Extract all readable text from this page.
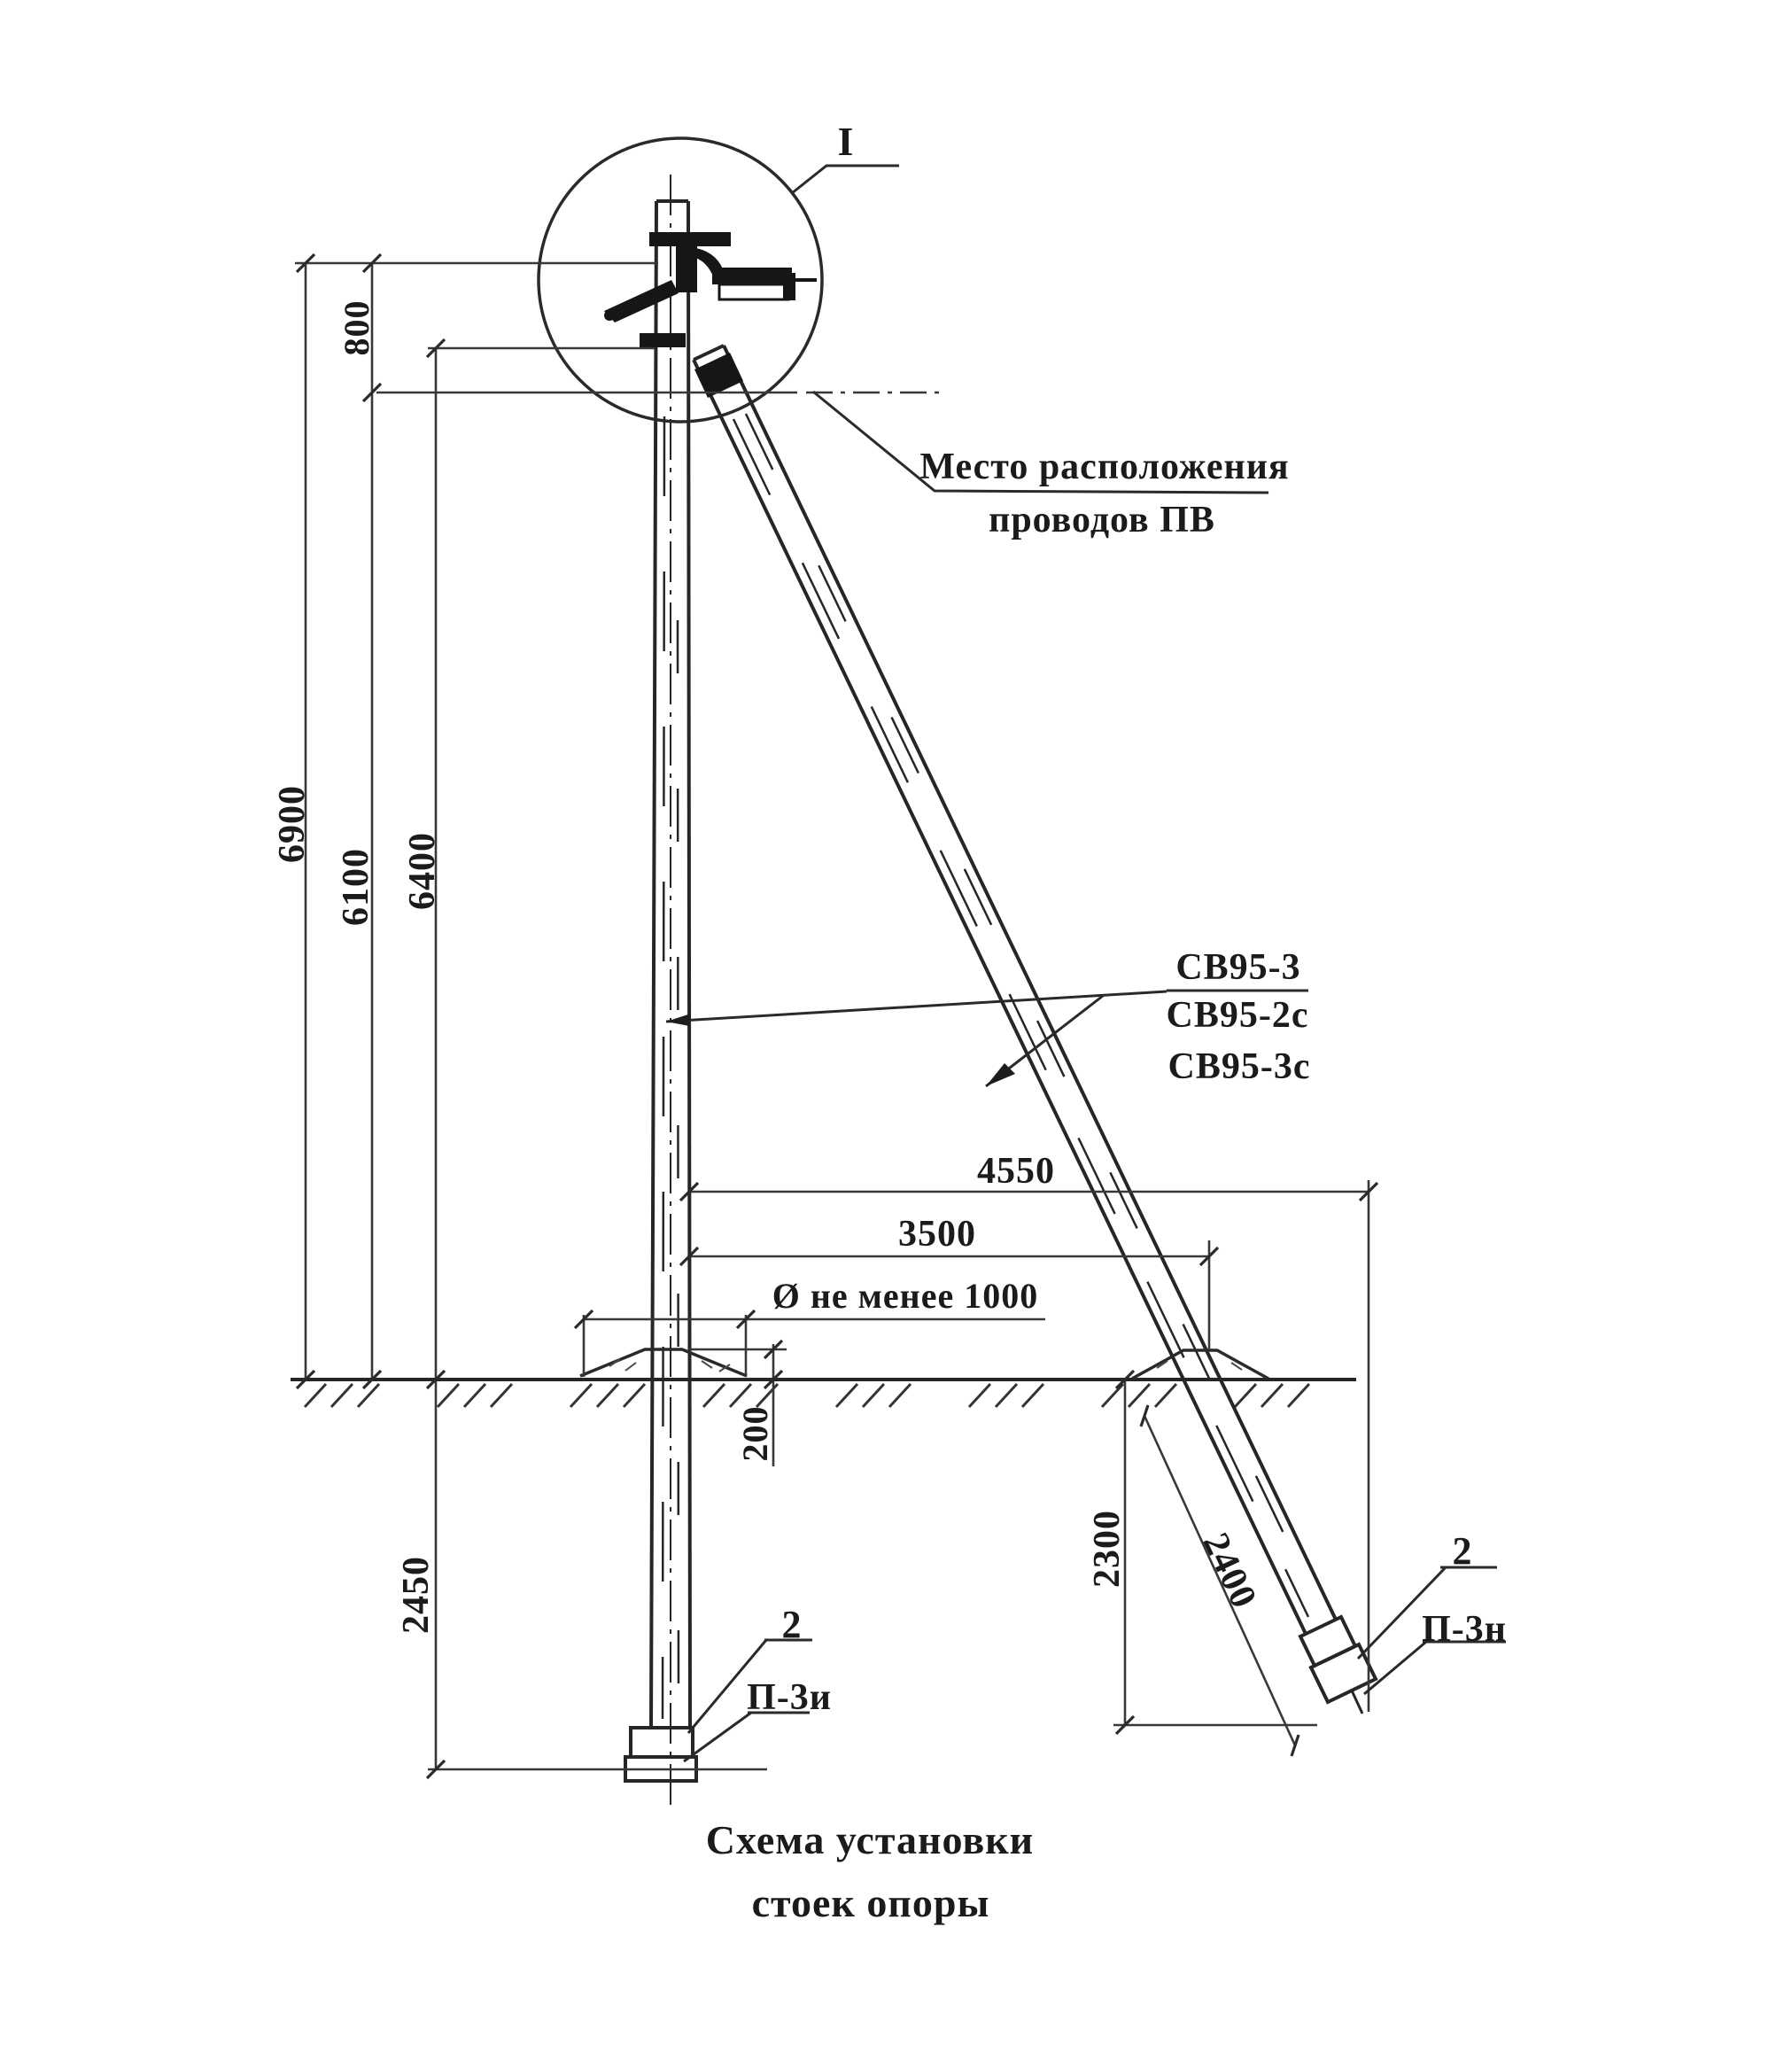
I
Место расположения
проводов ПВ
СВ95-3
СВ95-2с
СВ95-3с
4550
3500
Ø не менее 1000
800
6900
6100 6400
200
2450
2300 2400
2
П-3и
2
П-3н
Схема установки
стоек опоры
